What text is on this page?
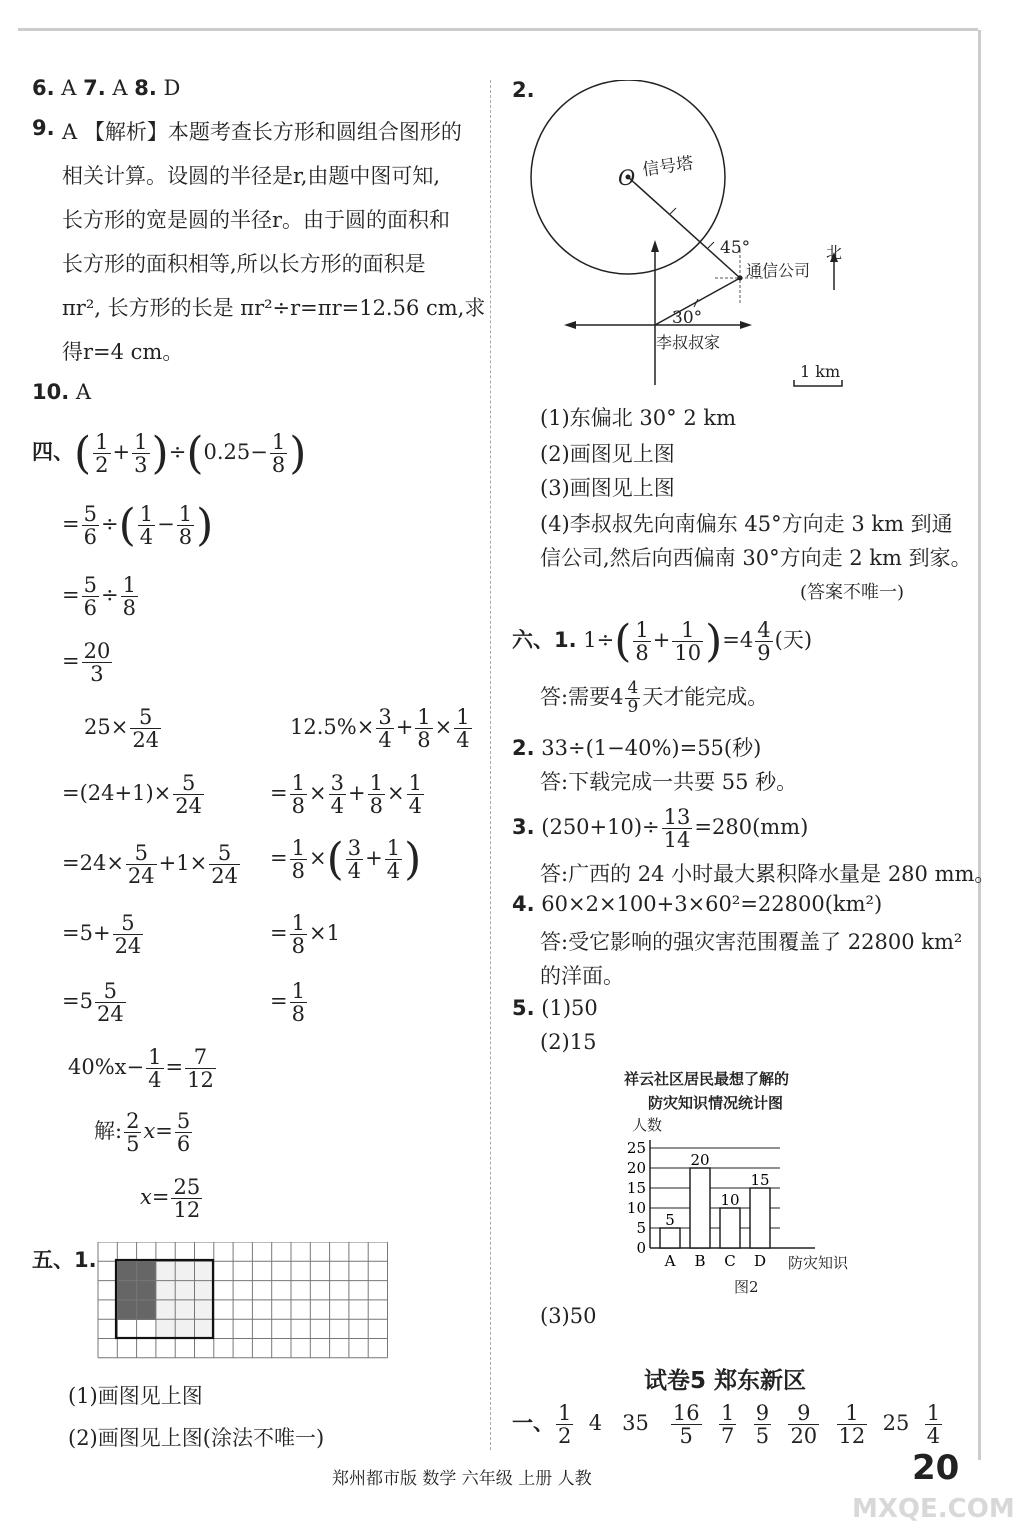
6. A 7. A 8. D
9. A 【解析】本题考查长方形和圆组合图形的
相关计算。设圆的半径是r,由题中图可知,
长方形的宽是圆的半径r。由于圆的面积和
长方形的面积相等,所以长方形的面积是
πr², 长方形的长是 πr²÷r=πr=12.56 cm,求
得r=4 cm。
10. A
四、( $\frac{1}{2} + \frac{1}{3} )\div(0.25- \frac{1}{8}$ )
= $\frac{5}{6}$ ÷( $\frac{1}{4} - \frac{1}{8}$ )
= $\frac{5}{6} \div \frac{1}{8}$
= $\frac{20}{3}$
$25\times \frac{5}{24}$
$=(24+1)\times \frac{5}{24}$
$=24\times \frac{5}{24} +1\times \frac{5}{24}$
$=5+ \frac{5}{24}$
$=5 \frac{5}{24}$
$12.5\%\times \frac{3}{4} + \frac{1}{8} \times \frac{1}{4}$
= $\frac{1}{8} \times \frac{3}{4} + \frac{1}{8} \times \frac{1}{4}$
= $\frac{1}{8}$ ×( $\frac{3}{4} + \frac{1}{4}$ )
= $\frac{1}{8} \times 1$
= $\frac{1}{8}$
$40\%x- \frac{1}{4} = \frac{7}{12}$
解: $\frac{2}{5} x= \frac{5}{6}$
$x= \frac{25}{12}$
五、1.
(1)画图见上图
(2)画图见上图(涂法不唯一)
2.
O 信号塔
45°
通信公司
北
30°
李叔叔家
1 km
(1)东偏北 30° 2 km
(2)画图见上图
(3)画图见上图
(4)李叔叔先向南偏东 45°方向走 3 km 到通
信公司,然后向西偏南 30°方向走 2 km 到家。
(答案不唯一)
六、1. $1\div( \frac{1}{8} + \frac{1}{10} )=4 \frac{4}{9}$ (天)
答:需要$4 \frac{4}{9}$ 天才能完成。
2. 33÷(1−40%)=55(秒)
答:下载完成一共要 55 秒。
3. $(250+10)\div \frac{13}{14} =280(mm)$
答:广西的 24 小时最大累积降水量是 280 mm。
4. 60×2×100+3×60²=22800(km²)
答:受它影响的强灾害范围覆盖了 22800 km²
的洋面。
5. (1)50
(2)15
祥云社区居民最想了解的
防灾知识情况统计图
人数
0
5
10
15
20
25
5
A
20
B
10
C
15
D 防灾知识
图2
(3)50
试卷5 郑东新区
一、 $\frac{1}{2} 4$   $35 \frac{16}{5}$
$\frac{1}{7}$
$\frac{9}{5}$
$\frac{9}{20}$
$\frac{1}{12} 25 \frac{1}{4}$
郑州都市版 数学 六年级 上册 人教	20
MXQE.COM
